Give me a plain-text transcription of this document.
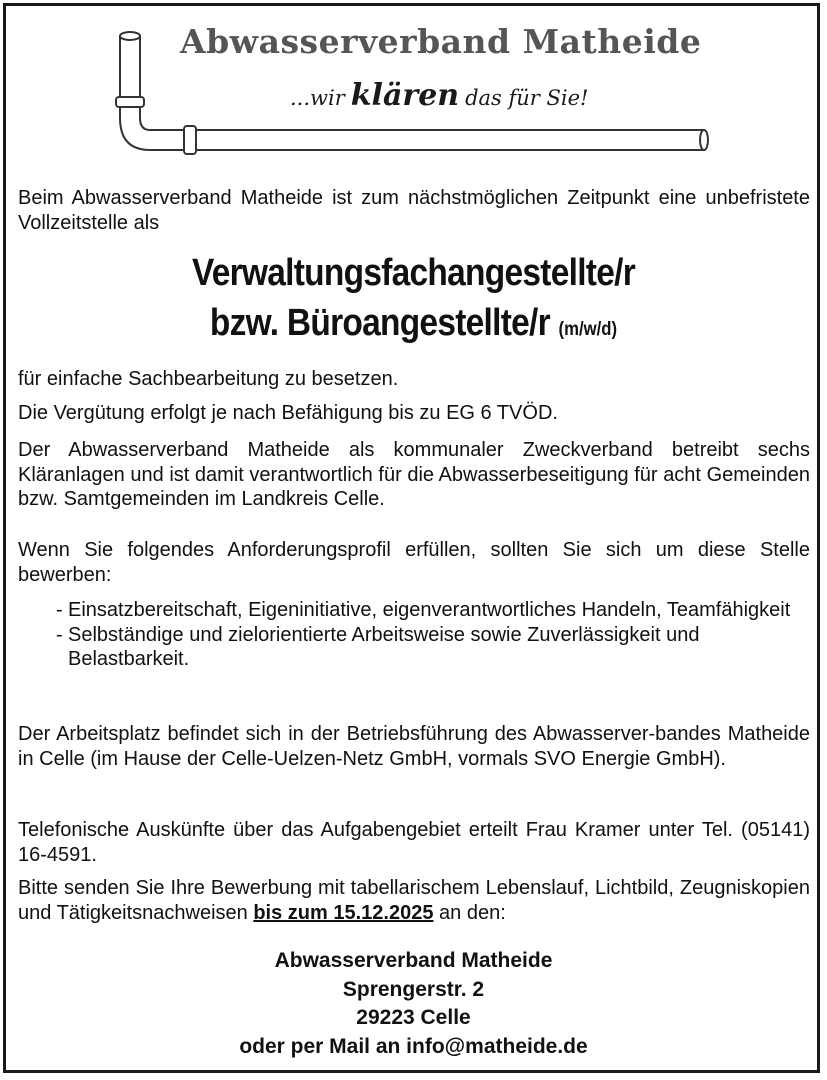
Abwasserverband Matheide
...wir klären das für Sie!

Beim Abwasserverband Matheide ist zum nächstmöglichen Zeitpunkt eine unbefristete Vollzeitstelle als

Verwaltungsfachangestellte/r
bzw. Büroangestellte/r (m/w/d)

für einfache Sachbearbeitung zu besetzen.

Die Vergütung erfolgt je nach Befähigung bis zu EG 6 TVÖD.

Der Abwasserverband Matheide als kommunaler Zweckverband betreibt sechs Kläranlagen und ist damit verantwortlich für die Abwasserbeseitigung für acht Gemeinden bzw. Samtgemeinden im Landkreis Celle.

Wenn Sie folgendes Anforderungsprofil erfüllen, sollten Sie sich um diese Stelle bewerben:

- Einsatzbereitschaft, Eigeninitiative, eigenverantwortliches Handeln, Teamfähigkeit
- Selbständige und zielorientierte Arbeitsweise sowie Zuverlässigkeit und Belastbarkeit.

Der Arbeitsplatz befindet sich in der Betriebsführung des Abwasserver-bandes Matheide in Celle (im Hause der Celle-Uelzen-Netz GmbH, vormals SVO Energie GmbH).

Telefonische Auskünfte über das Aufgabengebiet erteilt Frau Kramer unter Tel. (05141) 16-4591.

Bitte senden Sie Ihre Bewerbung mit tabellarischem Lebenslauf, Lichtbild, Zeugniskopien und Tätigkeitsnachweisen bis zum 15.12.2025 an den:

Abwasserverband Matheide
Sprengerstr. 2
29223 Celle
oder per Mail an info@matheide.de
